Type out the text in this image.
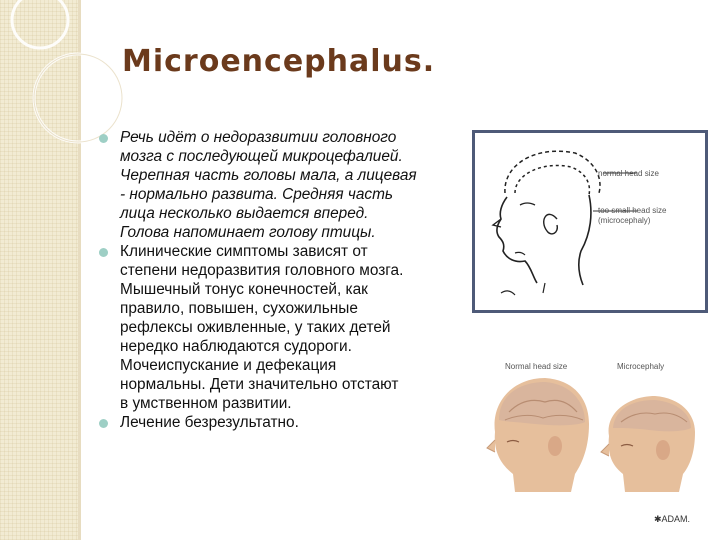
Microencephalus.
Речь идёт о недоразвитии головного
мозга с последующей микроцефалией.
Черепная часть головы мала, а лицевая
- нормально развита. Средняя часть
лица несколько выдается вперед.
Голова напоминает голову птицы.
Клинические симптомы зависят от
степени недоразвития головного мозга.
Мышечный тонус конечностей, как
правило, повышен, сухожильные
рефлексы оживленные, у таких детей
нередко наблюдаются судороги.
Мочеиспускание и дефекация
нормальны. Дети значительно отстают
в умственном развитии.
Лечение безрезультатно.
normal head size
too small head size
(microcephaly)
Normal head size	Microcephaly
✱ADAM.
